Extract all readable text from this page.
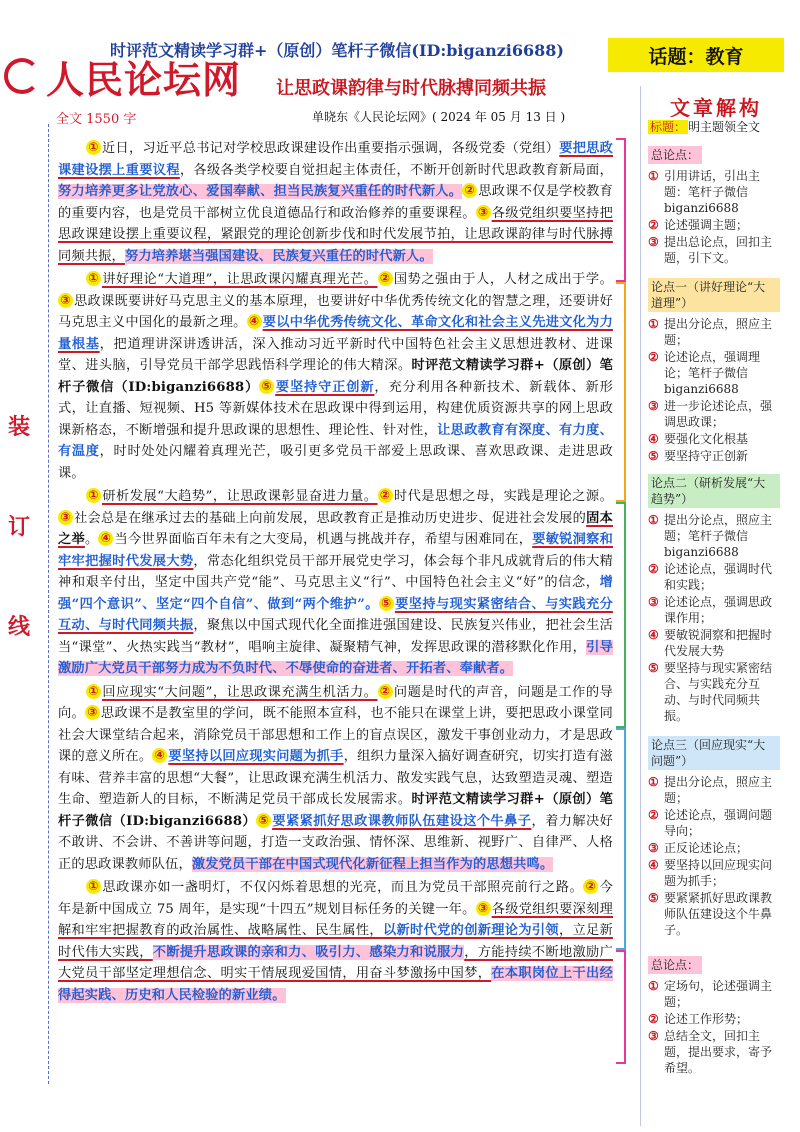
人民论坛网
时评范文精读学习群+（原创）笔杆子微信(ID:biganzi6688)	话题：教育
让思政课韵律与时代脉搏同频共振
全文 1550 字	单晓东《人民论坛网》( 2024 年 05 月 13 日 )
装
订
线

① 近日，习近平总书记对学校思政课建设作出重要指示强调，各级党委（党组）要把思政课建设摆上重要议程，各级各类学校要自觉担起主体责任，不断开创新时代思政教育新局面，努力培养更多让党放心、爱国奉献、担当民族复兴重任的时代新人。 ② 思政课不仅是学校教育的重要内容，也是党员干部树立优良道德品行和政治修养的重要课程。 ③ 各级党组织要坚持把思政课建设摆上重要议程，紧跟党的理论创新步伐和时代发展节拍，让思政课韵律与时代脉搏同频共振，努力培养堪当强国建设、民族复兴重任的时代新人。

① 讲好理论“大道理”，让思政课闪耀真理光芒。 ② 国势之强由于人，人材之成出于学。③ 思政课既要讲好马克思主义的基本原理，也要讲好中华优秀传统文化的智慧之理，还要讲好马克思主义中国化的最新之理。 ④ 要以中华优秀传统文化、革命文化和社会主义先进文化为力量根基，把道理讲深讲透讲活，深入推动习近平新时代中国特色社会主义思想进教材、进课堂、进头脑，引导党员干部学思践悟科学理论的伟大精深。时评范文精读学习群+（原创）笔杆子微信（ID:biganzi6688） ⑤ 要坚持守正创新，充分利用各种新技术、新载体、新形式，让直播、短视频、H5 等新媒体技术在思政课中得到运用，构建优质资源共享的网上思政课新格态，不断增强和提升思政课的思想性、理论性、针对性，让思政教育有深度、有力度、有温度，时时处处闪耀着真理光芒，吸引更多党员干部爱上思政课、喜欢思政课、走进思政课。

① 研析发展“大趋势”，让思政课彰显奋进力量。 ② 时代是思想之母，实践是理论之源。③ 社会总是在继承过去的基础上向前发展，思政教育正是推动历史进步、促进社会发展的固本之举。 ④ 当今世界面临百年未有之大变局，机遇与挑战并存，希望与困难同在，要敏锐洞察和牢牢把握时代发展大势，常态化组织党员干部开展党史学习，体会每个非凡成就背后的伟大精神和艰辛付出，坚定中国共产党“能”、马克思主义“行”、中国特色社会主义“好”的信念，增强“四个意识”、坚定“四个自信”、做到“两个维护”。 ⑤ 要坚持与现实紧密结合、与实践充分互动、与时代同频共振，聚焦以中国式现代化全面推进强国建设、民族复兴伟业，把社会生活当“课堂”、火热实践当“教材”，唱响主旋律、凝聚精气神，发挥思政课的潜移默化作用，引导激励广大党员干部努力成为不负时代、不辱使命的奋进者、开拓者、奉献者。

① 回应现实“大问题”，让思政课充满生机活力。 ② 问题是时代的声音，问题是工作的导向。 ③ 思政课不是教室里的学问，既不能照本宣科，也不能只在课堂上讲，要把思政小课堂同社会大课堂结合起来，消除党员干部思想和工作上的盲点误区，激发干事创业动力，才是思政课的意义所在。 ④ 要坚持以回应现实问题为抓手，组织力量深入搞好调查研究，切实打造有滋有味、营养丰富的思想“大餐”，让思政课充满生机活力、散发实践气息，达致塑造灵魂、塑造生命、塑造新人的目标，不断满足党员干部成长发展需求。时评范文精读学习群+（原创）笔杆子微信（ID:biganzi6688） ⑤ 要紧紧抓好思政课教师队伍建设这个牛鼻子，着力解决好不敢讲、不会讲、不善讲等问题，打造一支政治强、情怀深、思维新、视野广、自律严、人格正的思政课教师队伍，激发党员干部在中国式现代化新征程上担当作为的思想共鸣。

① 思政课亦如一盏明灯，不仅闪烁着思想的光亮，而且为党员干部照亮前行之路。 ② 今年是新中国成立 75 周年，是实现“十四五”规划目标任务的关键一年。 ③ 各级党组织要深刻理解和牢牢把握教育的政治属性、战略属性、民生属性，以新时代党的创新理论为引领，立足新时代伟大实践，不断提升思政课的亲和力、吸引力、感染力和说服力，方能持续不断地激励广大党员干部坚定理想信念、明实干情展现爱国情，用奋斗梦激扬中国梦，在本职岗位上干出经得起实践、历史和人民检验的新业绩。

文章解构
标题： 明主题领全文
总论点：
① 引用讲话，引出主题：笔杆子微信 biganzi6688
② 论述强调主题；
③ 提出总论点，回扣主题，引下文。
论点一（讲好理论“大道理”）
① 提出分论点，照应主题；
② 论述论点，强调理论；笔杆子微信 biganzi6688
③ 进一步论述论点，强调思政课；
④ 要强化文化根基
⑤ 要坚持守正创新
论点二（研析发展“大趋势”）
① 提出分论点，照应主题；笔杆子微信 biganzi6688
② 论述论点，强调时代和实践；
③ 论述论点，强调思政课作用；
④ 要敏锐洞察和把握时代发展大势
⑤ 要坚持与现实紧密结合、与实践充分互动、与时代同频共振。
论点三（回应现实“大问题”）
① 提出分论点，照应主题；
② 论述论点，强调问题导向；
③ 正反论述论点；
④ 要坚持以回应现实问题为抓手；
⑤ 要紧紧抓好思政课教师队伍建设这个牛鼻子。
总论点：
① 定场句，论述强调主题；
② 论述工作形势；
③ 总结全文，回扣主题，提出要求，寄予希望。
